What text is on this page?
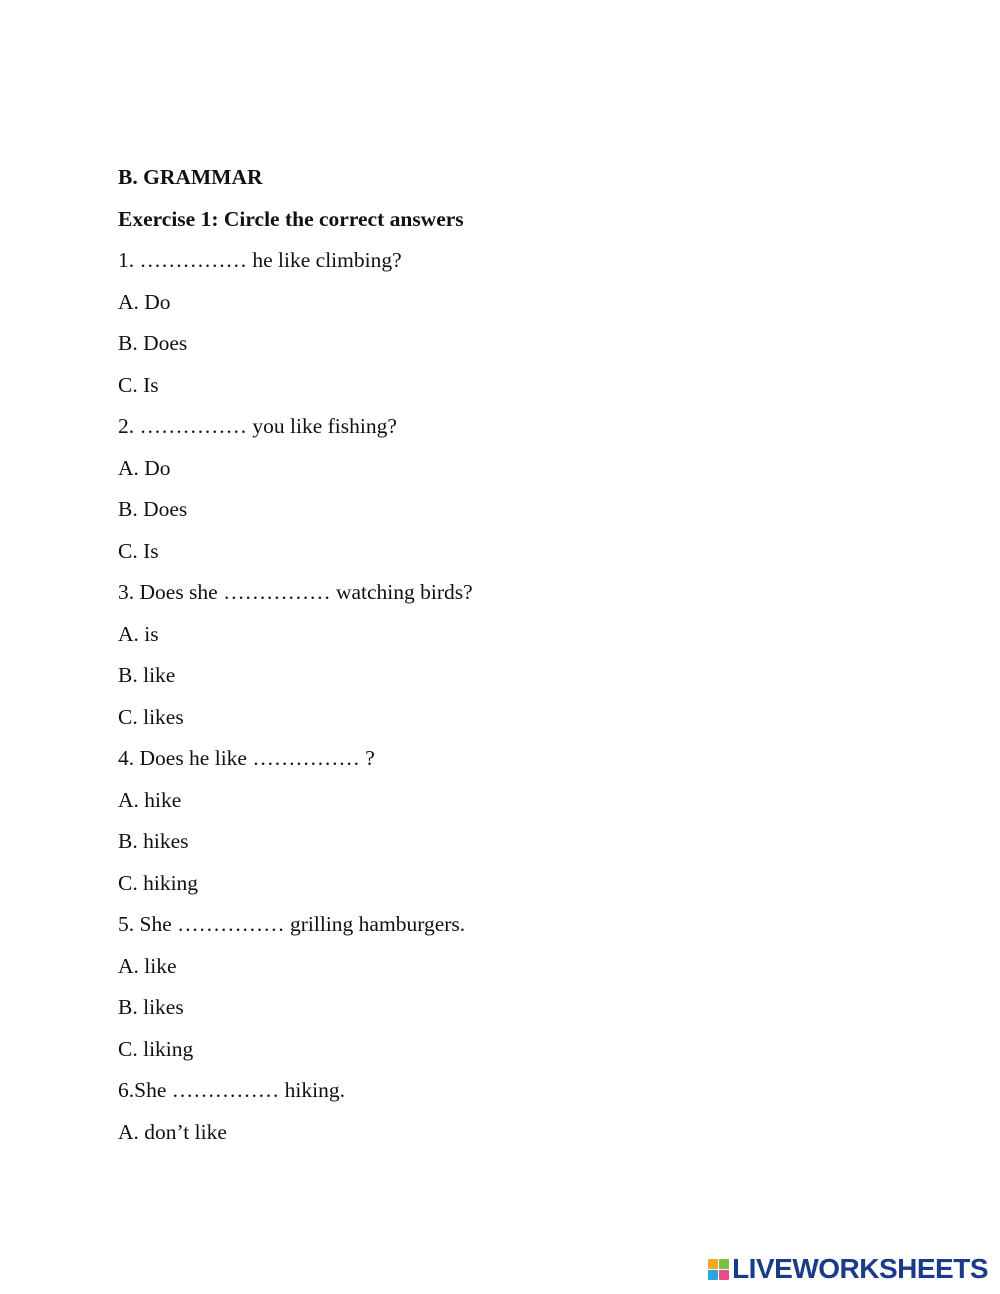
B. GRAMMAR
Exercise 1: Circle the correct answers
1. …………… he like climbing?
A. Do
B. Does
C. Is
2. …………… you like fishing?
A. Do
B. Does
C. Is
3. Does she …………… watching birds?
A. is
B. like
C. likes
4. Does he like …………… ?
A. hike
B. hikes
C. hiking
5. She …………… grilling hamburgers.
A. like
B. likes
C. liking
6.She …………… hiking.
A. don’t like
LIVEWORKSHEETS
